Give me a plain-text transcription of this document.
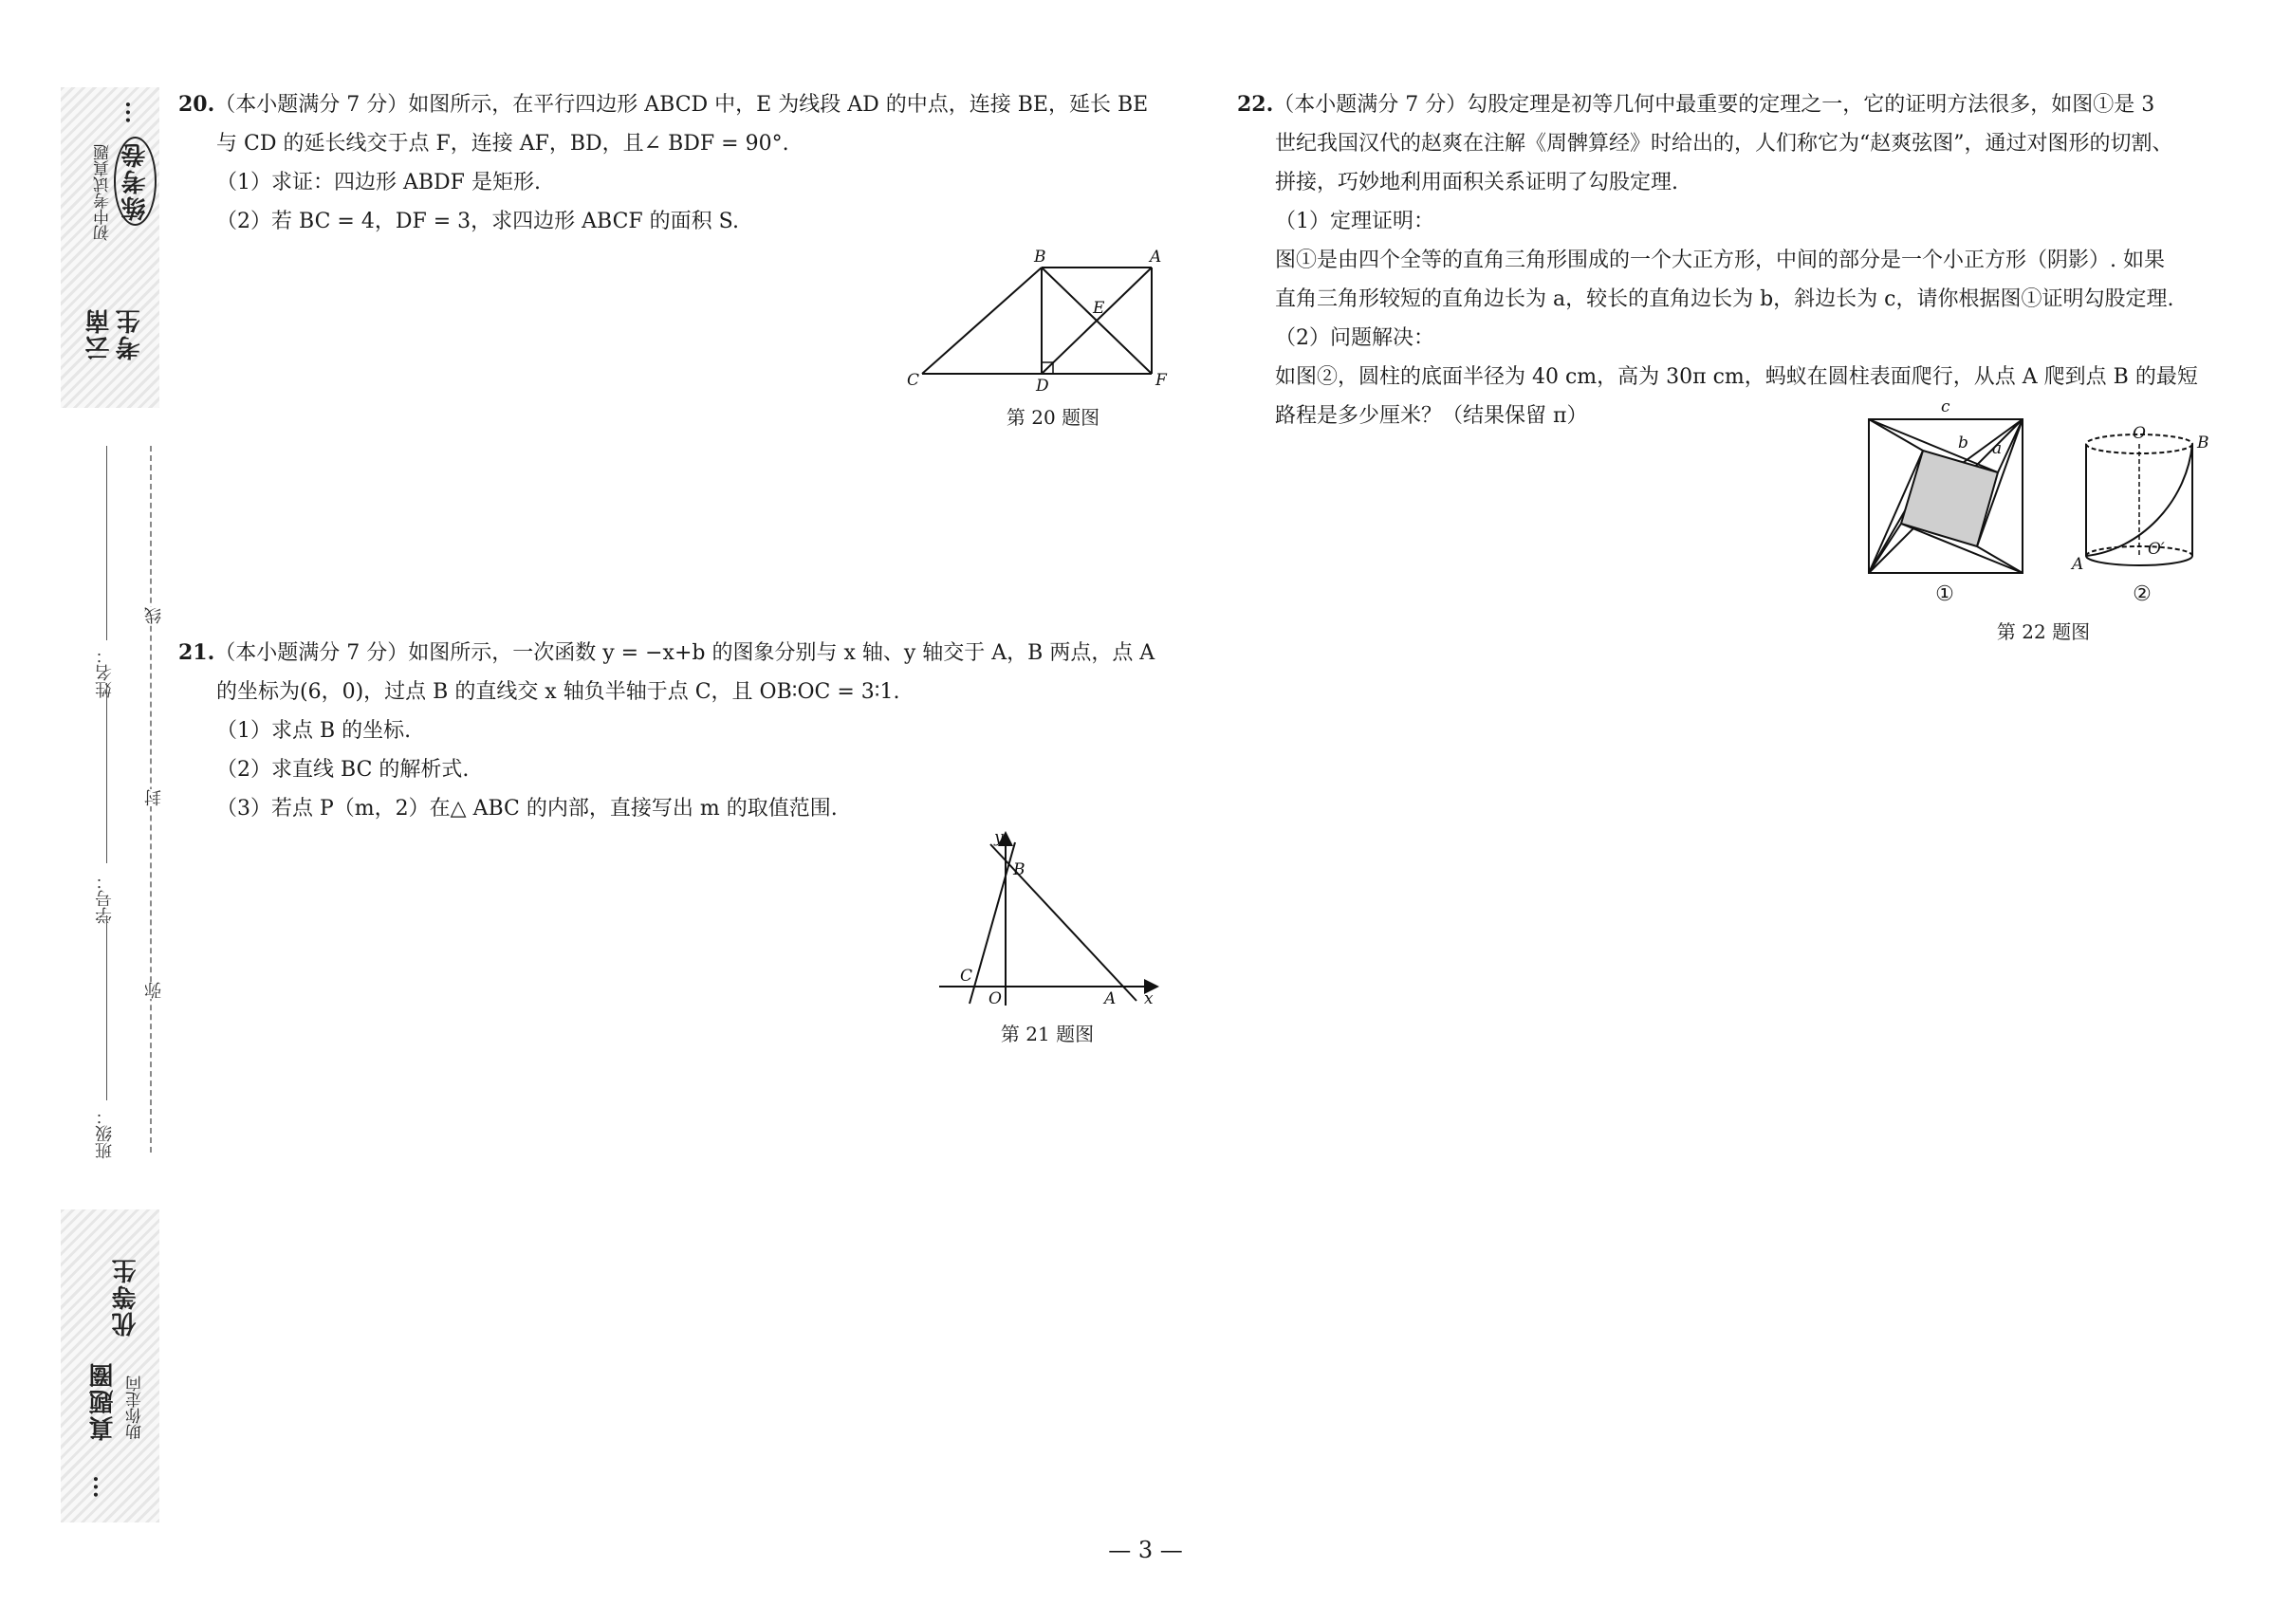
云南 考生
初中考试真题 练考卷
•••
姓名：
学号：
班级：
线
封
弥
优等生
真题圈 助你走向
•••

20.（本小题满分 7 分）如图所示，在平行四边形 ABCD 中，E 为线段 AD 的中点，连接 BE，延长 BE

与 CD 的延长线交于点 F，连接 AF，BD，且∠ BDF = 90°.

（1）求证：四边形 ABDF 是矩形.

（2）若 BC = 4，DF = 3，求四边形 ABCF 的面积 S.

B	A
E
C	D	F
第 20 题图

21.（本小题满分 7 分）如图所示，一次函数 y = −x+b 的图象分别与 x 轴、y 轴交于 A，B 两点，点 A

的坐标为(6，0)，过点 B 的直线交 x 轴负半轴于点 C，且 OB∶OC = 3∶1.

（1）求点 B 的坐标.

（2）求直线 BC 的解析式.

（3）若点 P（m，2）在△ ABC 的内部，直接写出 m 的取值范围.

y
B
C
O	A x
第 21 题图

22.（本小题满分 7 分）勾股定理是初等几何中最重要的定理之一，它的证明方法很多，如图①是 3

世纪我国汉代的赵爽在注解《周髀算经》时给出的，人们称它为“赵爽弦图”，通过对图形的切割、

拼接，巧妙地利用面积关系证明了勾股定理.

（1）定理证明：

图①是由四个全等的直角三角形围成的一个大正方形，中间的部分是一个小正方形（阴影）. 如果

直角三角形较短的直角边长为 a，较长的直角边长为 b，斜边长为 c，请你根据图①证明勾股定理.

（2）问题解决：

如图②，圆柱的底面半径为 40 cm，高为 30π cm，蚂蚁在圆柱表面爬行，从点 A 爬到点 B 的最短

路程是多少厘米？（结果保留 π）	c
b a
①
O	B
A
O′
②
第 22 题图
— 3 —
